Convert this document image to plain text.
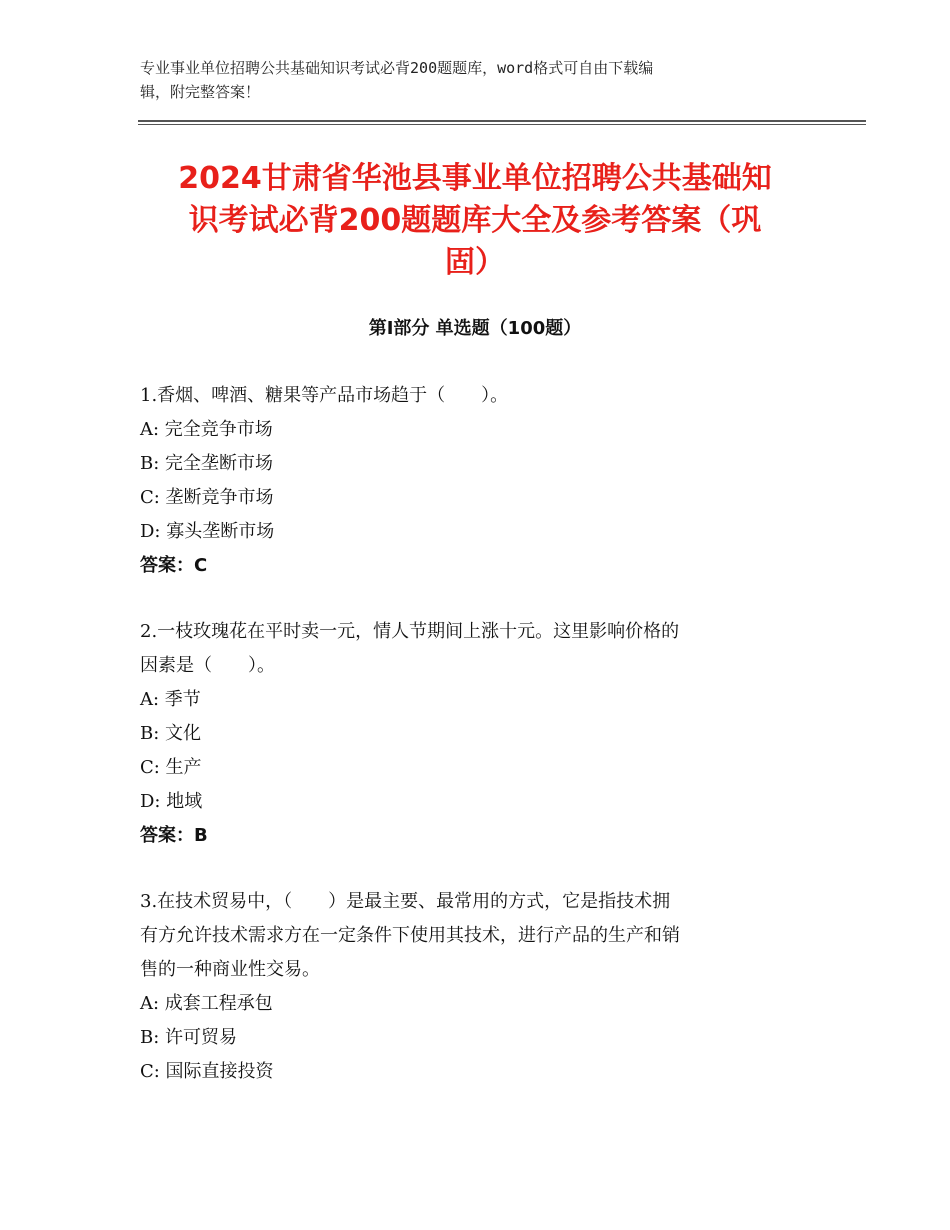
专业事业单位招聘公共基础知识考试必背200题题库，word格式可自由下载编
辑，附完整答案！
2024甘肃省华池县事业单位招聘公共基础知
识考试必背200题题库大全及参考答案（巩
固）
第Ⅰ部分 单选题（100题）
1.香烟、啤酒、糖果等产品市场趋于（　　）。
A: 完全竞争市场
B: 完全垄断市场
C: 垄断竞争市场
D: 寡头垄断市场
答案：C
2.一枝玫瑰花在平时卖一元，情人节期间上涨十元。这里影响价格的
因素是（　　）。
A: 季节
B: 文化
C: 生产
D: 地域
答案：B
3.在技术贸易中，（　　）是最主要、最常用的方式，它是指技术拥
有方允许技术需求方在一定条件下使用其技术，进行产品的生产和销
售的一种商业性交易。
A: 成套工程承包
B: 许可贸易
C: 国际直接投资
